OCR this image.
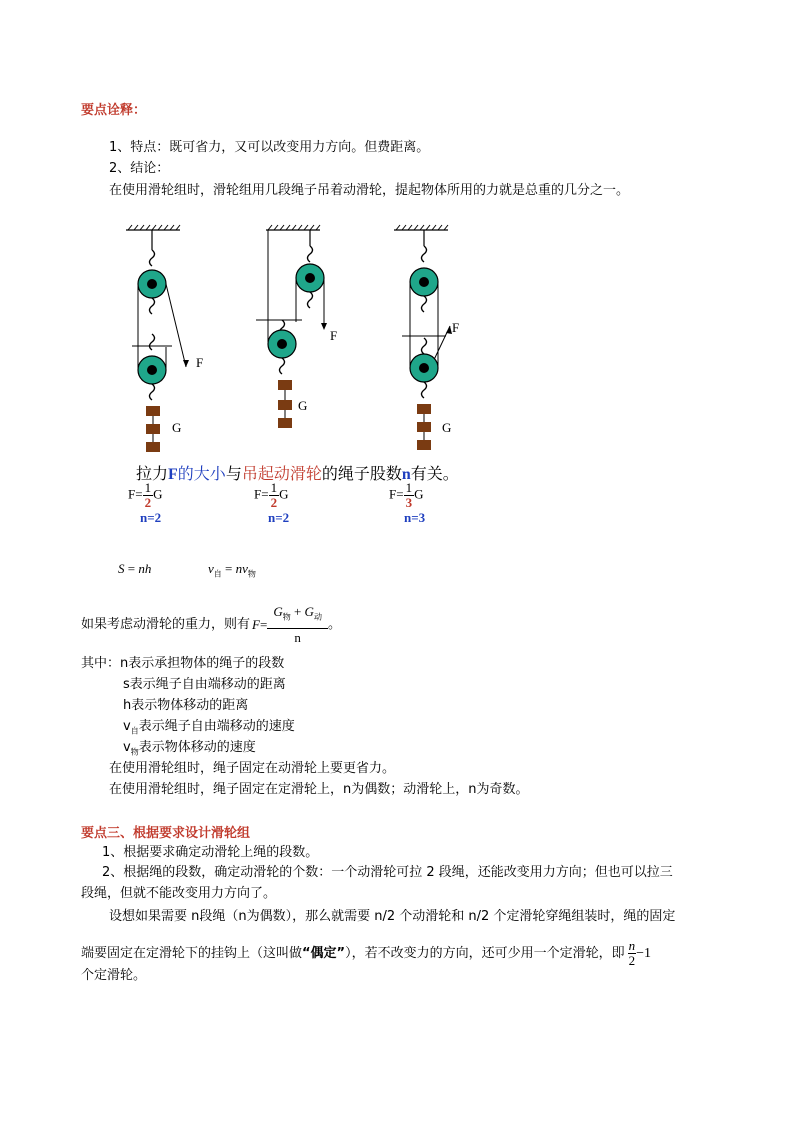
要点诠释：
1、特点：既可省力，又可以改变用力方向。但费距离。
2、结论：
在使用滑轮组时，滑轮组用几段绳子吊着动滑轮，提起物体所用的力就是总重的几分之一。
F
G
F
G
F
G
拉力F的大小与吊起动滑轮的绳子股数n有关。
$F= \frac{1}{2}$ G
n=2
$F= \frac{1}{2}$ G
n=2
$F= \frac{1}{3}$ G
n=3
S = nh	$v_自 = nv_物$
如果考虑动滑轮的重力，则有 $F = \frac{G_物 + G_动}{n}$ 。
其中：n表示承担物体的绳子的段数
s表示绳子自由端移动的距离
h表示物体移动的距离
$v_自$表示绳子自由端移动的速度
$v_物$表示物体移动的速度
在使用滑轮组时，绳子固定在动滑轮上要更省力。
在使用滑轮组时，绳子固定在定滑轮上，n为偶数；动滑轮上，n为奇数。
要点三、根据要求设计滑轮组
1、根据要求确定动滑轮上绳的段数。
2、根据绳的段数，确定动滑轮的个数：一个动滑轮可拉 2 段绳，还能改变用力方向；但也可以拉三
段绳，但就不能改变用力方向了。
设想如果需要 n段绳（n为偶数），那么就需要 n/2 个动滑轮和 n/2 个定滑轮穿绳组装时，绳的固定
端要固定在定滑轮下的挂钩上（这叫做 “偶定” ），若不改变力的方向，还可少用一个定滑轮，即 $\frac{n}{2} -1$
个定滑轮。
